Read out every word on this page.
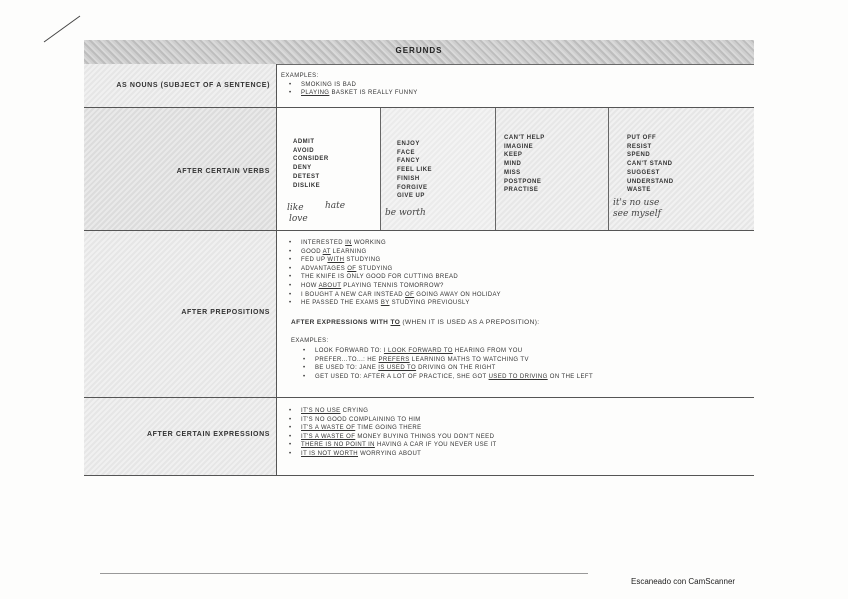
GERUNDS
AS NOUNS (SUBJECT OF A SENTENCE)
EXAMPLES:
• SMOKING IS BAD
• PLAYING BASKET IS REALLY FUNNY
AFTER CERTAIN VERBS
ADMIT
AVOID
CONSIDER
DENY
DETEST
DISLIKE
like hate
love
ENJOY
FACE
FANCY
FEEL LIKE
FINISH
FORGIVE
GIVE UP
be worth
CAN'T HELP
IMAGINE
KEEP
MIND
MISS
POSTPONE
PRACTISE
PUT OFF
RESIST
SPEND
CAN'T STAND
SUGGEST
UNDERSTAND
WASTE
it's no use
see myself
AFTER PREPOSITIONS
• INTERESTED IN WORKING
• GOOD AT LEARNING
• FED UP WITH STUDYING
• ADVANTAGES OF STUDYING
• THE KNIFE IS ONLY GOOD FOR CUTTING BREAD
• HOW ABOUT PLAYING TENNIS TOMORROW?
• I BOUGHT A NEW CAR INSTEAD OF GOING AWAY ON HOLIDAY
• HE PASSED THE EXAMS BY STUDYING PREVIOUSLY
AFTER EXPRESSIONS WITH TO (WHEN IT IS USED AS A PREPOSITION):
EXAMPLES:
• LOOK FORWARD TO: I LOOK FORWARD TO HEARING FROM YOU
• PREFER...TO...: HE PREFERS LEARNING MATHS TO WATCHING TV
• BE USED TO: JANE IS USED TO DRIVING ON THE RIGHT
• GET USED TO: AFTER A LOT OF PRACTICE, SHE GOT USED TO DRIVING ON THE LEFT
AFTER CERTAIN EXPRESSIONS
• IT'S NO USE CRYING
• IT'S NO GOOD COMPLAINING TO HIM
• IT'S A WASTE OF TIME GOING THERE
• IT'S A WASTE OF MONEY BUYING THINGS YOU DON'T NEED
• THERE IS NO POINT IN HAVING A CAR IF YOU NEVER USE IT
• IT IS NOT WORTH WORRYING ABOUT
Escaneado con CamScanner
